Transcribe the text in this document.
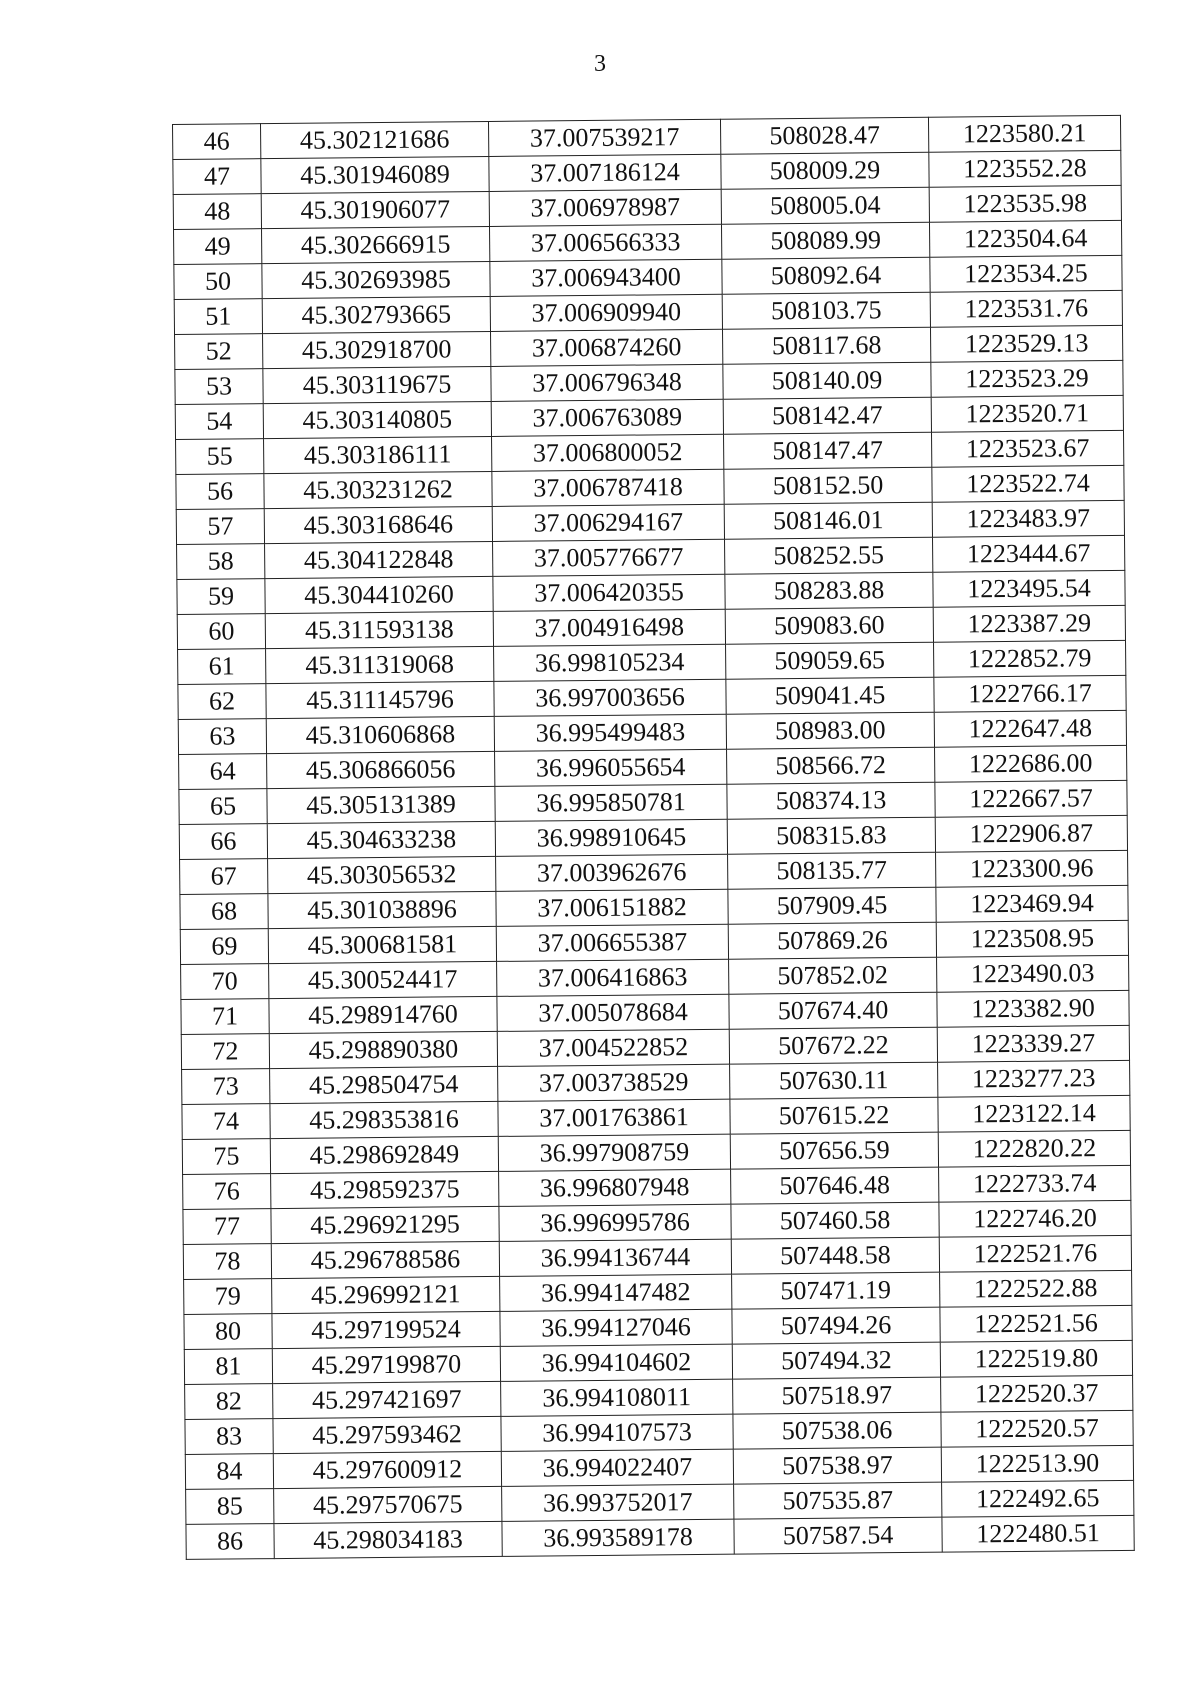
3
46	45.302121686	37.007539217	508028.47	1223580.21
47	45.301946089	37.007186124	508009.29	1223552.28
48	45.301906077	37.006978987	508005.04	1223535.98
49	45.302666915	37.006566333	508089.99	1223504.64
50	45.302693985	37.006943400	508092.64	1223534.25
51	45.302793665	37.006909940	508103.75	1223531.76
52	45.302918700	37.006874260	508117.68	1223529.13
53	45.303119675	37.006796348	508140.09	1223523.29
54	45.303140805	37.006763089	508142.47	1223520.71
55	45.303186111	37.006800052	508147.47	1223523.67
56	45.303231262	37.006787418	508152.50	1223522.74
57	45.303168646	37.006294167	508146.01	1223483.97
58	45.304122848	37.005776677	508252.55	1223444.67
59	45.304410260	37.006420355	508283.88	1223495.54
60	45.311593138	37.004916498	509083.60	1223387.29
61	45.311319068	36.998105234	509059.65	1222852.79
62	45.311145796	36.997003656	509041.45	1222766.17
63	45.310606868	36.995499483	508983.00	1222647.48
64	45.306866056	36.996055654	508566.72	1222686.00
65	45.305131389	36.995850781	508374.13	1222667.57
66	45.304633238	36.998910645	508315.83	1222906.87
67	45.303056532	37.003962676	508135.77	1223300.96
68	45.301038896	37.006151882	507909.45	1223469.94
69	45.300681581	37.006655387	507869.26	1223508.95
70	45.300524417	37.006416863	507852.02	1223490.03
71	45.298914760	37.005078684	507674.40	1223382.90
72	45.298890380	37.004522852	507672.22	1223339.27
73	45.298504754	37.003738529	507630.11	1223277.23
74	45.298353816	37.001763861	507615.22	1223122.14
75	45.298692849	36.997908759	507656.59	1222820.22
76	45.298592375	36.996807948	507646.48	1222733.74
77	45.296921295	36.996995786	507460.58	1222746.20
78	45.296788586	36.994136744	507448.58	1222521.76
79	45.296992121	36.994147482	507471.19	1222522.88
80	45.297199524	36.994127046	507494.26	1222521.56
81	45.297199870	36.994104602	507494.32	1222519.80
82	45.297421697	36.994108011	507518.97	1222520.37
83	45.297593462	36.994107573	507538.06	1222520.57
84	45.297600912	36.994022407	507538.97	1222513.90
85	45.297570675	36.993752017	507535.87	1222492.65
86	45.298034183	36.993589178	507587.54	1222480.51
